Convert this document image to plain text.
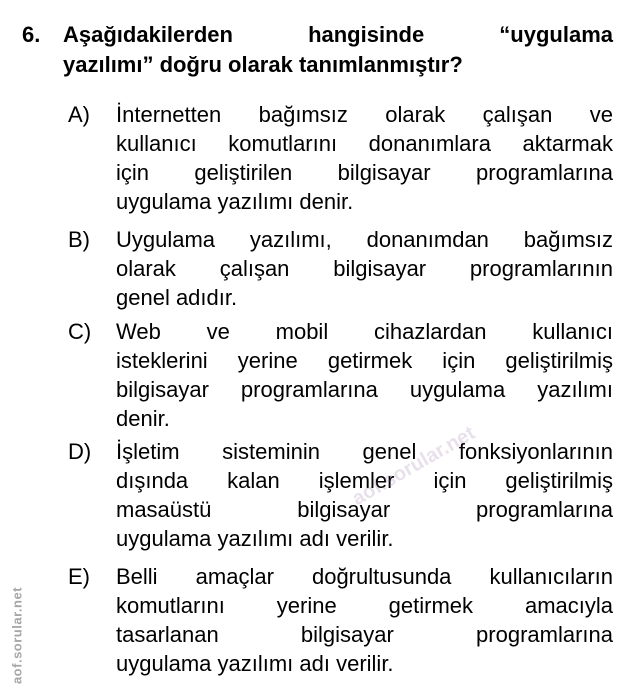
6. Aşağıdakilerden hangisinde “uygulama
yazılımı” doğru olarak tanımlanmıştır?
A) İnternetten bağımsız olarak çalışan ve
kullanıcı komutlarını donanımlara aktarmak
için geliştirilen bilgisayar programlarına
uygulama yazılımı denir.
B) Uygulama yazılımı, donanımdan bağımsız
olarak çalışan bilgisayar programlarının
genel adıdır.
C) Web ve mobil cihazlardan kullanıcı
isteklerini yerine getirmek için geliştirilmiş
bilgisayar programlarına uygulama yazılımı
denir.
D) İşletim sisteminin genel fonksiyonlarının
dışında kalan işlemler için geliştirilmiş
masaüstü bilgisayar programlarına
uygulama yazılımı adı verilir.
E) Belli amaçlar doğrultusunda kullanıcıların
komutlarını yerine getirmek amacıyla
tasarlanan bilgisayar programlarına
uygulama yazılımı adı verilir.
aof.sorular.net
aof.sorular.net
